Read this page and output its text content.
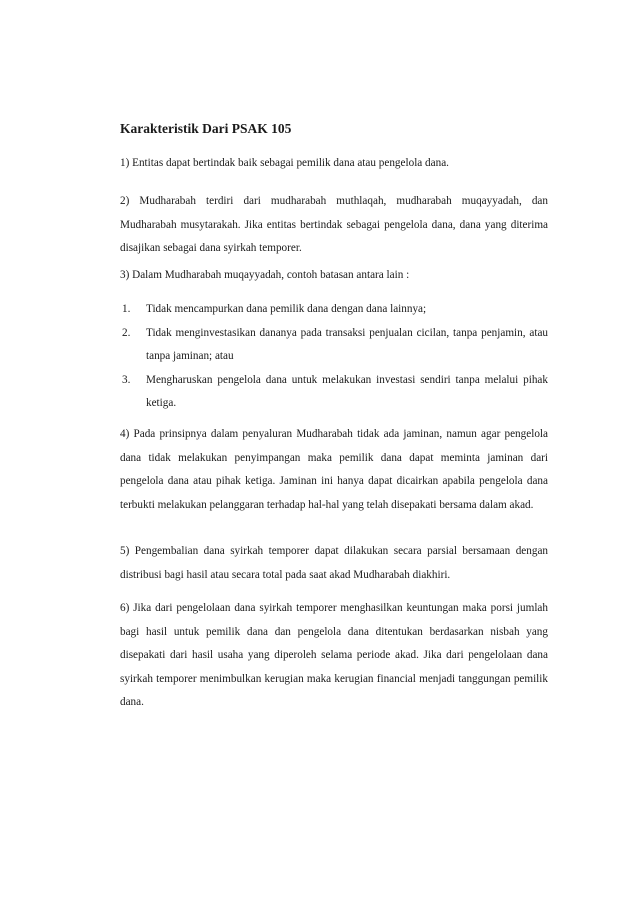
Karakteristik Dari PSAK 105
1) Entitas dapat bertindak baik sebagai pemilik dana atau pengelola dana.
2) Mudharabah terdiri dari mudharabah muthlaqah, mudharabah muqayyadah, dan Mudharabah musytarakah. Jika entitas bertindak sebagai pengelola dana, dana yang diterima disajikan sebagai dana syirkah temporer.
3) Dalam Mudharabah muqayyadah, contoh batasan antara lain :
1. Tidak mencampurkan dana pemilik dana dengan dana lainnya;
2. Tidak menginvestasikan dananya pada transaksi penjualan cicilan, tanpa penjamin, atau tanpa jaminan; atau
3. Mengharuskan pengelola dana untuk melakukan investasi sendiri tanpa melalui pihak ketiga.
4) Pada prinsipnya dalam penyaluran Mudharabah tidak ada jaminan, namun agar pengelola dana tidak melakukan penyimpangan maka pemilik dana dapat meminta jaminan dari pengelola dana atau pihak ketiga. Jaminan ini hanya dapat dicairkan apabila pengelola dana terbukti melakukan pelanggaran terhadap hal-hal yang telah disepakati bersama dalam akad.
5) Pengembalian dana syirkah temporer dapat dilakukan secara parsial bersamaan dengan distribusi bagi hasil atau secara total pada saat akad Mudharabah diakhiri.
6) Jika dari pengelolaan dana syirkah temporer menghasilkan keuntungan maka porsi jumlah bagi hasil untuk pemilik dana dan pengelola dana ditentukan berdasarkan nisbah yang disepakati dari hasil usaha yang diperoleh selama periode akad. Jika dari pengelolaan dana syirkah temporer menimbulkan kerugian maka kerugian financial menjadi tanggungan pemilik dana.
